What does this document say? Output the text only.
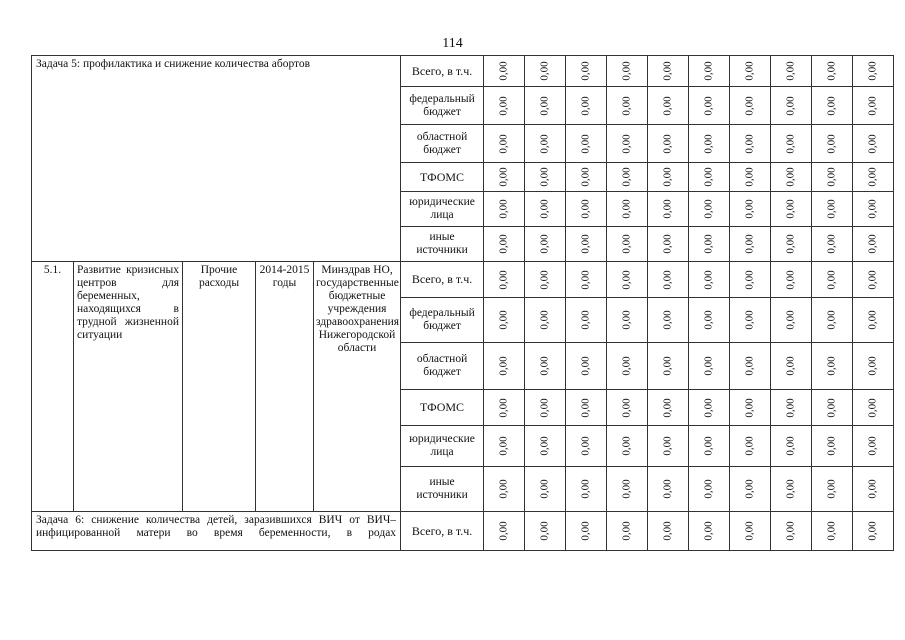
114
Задача 5: профилактика и снижение количества абортов					Всего, в т.ч.	0,00	0,00	0,00	0,00	0,00	0,00	0,00	0,00	0,00	0,00

					федеральный бюджет	0,00	0,00	0,00	0,00	0,00	0,00	0,00	0,00	0,00	0,00

					областной бюджет	0,00	0,00	0,00	0,00	0,00	0,00	0,00	0,00	0,00	0,00

					ТФОМС	0,00	0,00	0,00	0,00	0,00	0,00	0,00	0,00	0,00	0,00

					юридические лица	0,00	0,00	0,00	0,00	0,00	0,00	0,00	0,00	0,00	0,00

					иные источники	0,00	0,00	0,00	0,00	0,00	0,00	0,00	0,00	0,00	0,00

5.1.	Развитие кризисных центров для беременных, находящихся в трудной жизненной ситуации	Прочие расходы	2014-2015 годы	Минздрав НО, государственные бюджетные учреждения здравоохранения Нижегородской области	Всего, в т.ч.	0,00	0,00	0,00	0,00	0,00	0,00	0,00	0,00	0,00	0,00

					федеральный бюджет	0,00	0,00	0,00	0,00	0,00	0,00	0,00	0,00	0,00	0,00

					областной бюджет	0,00	0,00	0,00	0,00	0,00	0,00	0,00	0,00	0,00	0,00

					ТФОМС	0,00	0,00	0,00	0,00	0,00	0,00	0,00	0,00	0,00	0,00

					юридические лица	0,00	0,00	0,00	0,00	0,00	0,00	0,00	0,00	0,00	0,00

					иные источники	0,00	0,00	0,00	0,00	0,00	0,00	0,00	0,00	0,00	0,00

Задача 6: снижение количества детей, заразившихся ВИЧ от ВИЧ–инфицированной матери во время беременности, в родах					Всего, в т.ч.	0,00	0,00	0,00	0,00	0,00	0,00	0,00	0,00	0,00	0,00
